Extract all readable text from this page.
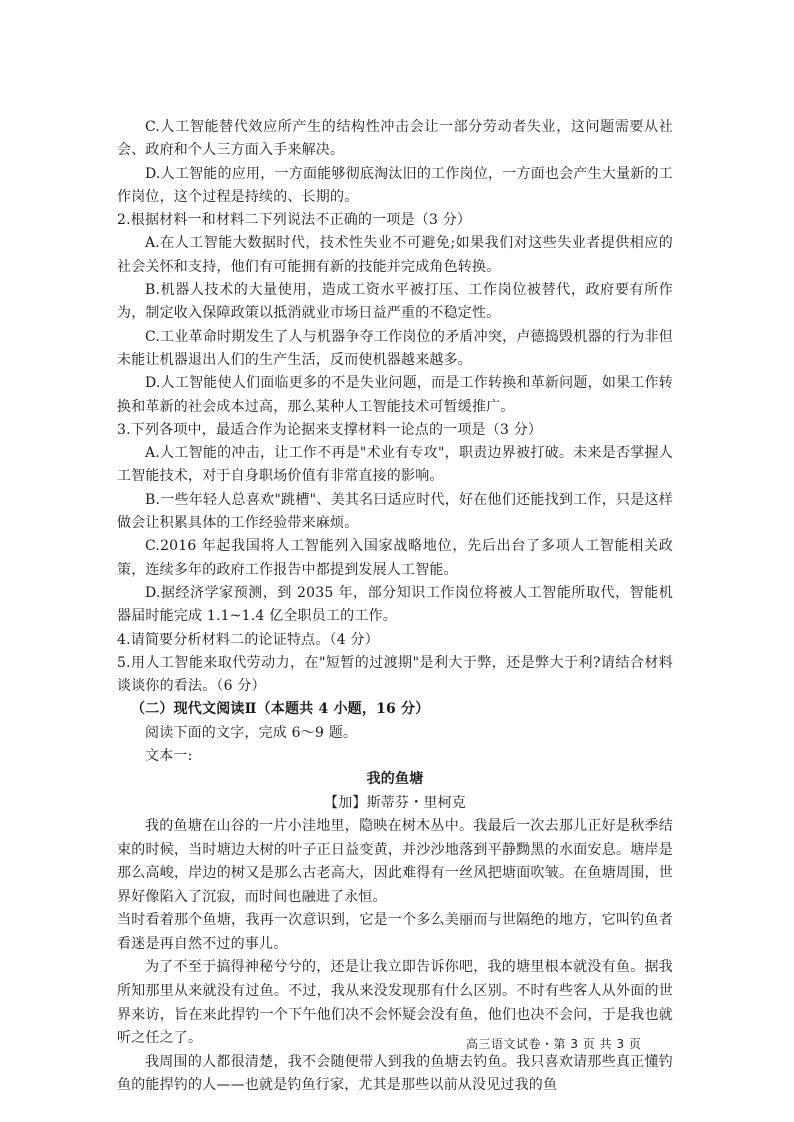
C.人工智能替代效应所产生的结构性冲击会让一部分劳动者失业，这问题需要从社会、政府和个人三方面入手来解决。

D.人工智能的应用，一方面能够彻底淘汰旧的工作岗位，一方面也会产生大量新的工作岗位，这个过程是持续的、长期的。

2.根据材料一和材料二下列说法不正确的一项是（3 分）

A.在人工智能大数据时代，技术性失业不可避免;如果我们对这些失业者提供相应的社会关怀和支持，他们有可能拥有新的技能并完成角色转换。

B.机器人技术的大量使用，造成工资水平被打压、工作岗位被替代，政府要有所作为，制定收入保障政策以抵消就业市场日益严重的不稳定性。

C.工业革命时期发生了人与机器争夺工作岗位的矛盾冲突，卢德捣毁机器的行为非但未能让机器退出人们的生产生活，反而使机器越来越多。

D.人工智能使人们面临更多的不是失业问题，而是工作转换和革新问题，如果工作转换和革新的社会成本过高，那么某种人工智能技术可暂缓推广。

3.下列各项中，最适合作为论据来支撑材料一论点的一项是（3 分）

A.人工智能的冲击，让工作不再是"术业有专攻"，职责边界被打破。未来是否掌握人工智能技术，对于自身职场价值有非常直接的影响。

B.一些年轻人总喜欢"跳槽"、美其名曰适应时代，好在他们还能找到工作，只是这样做会让积累具体的工作经验带来麻烦。

C.2016 年起我国将人工智能列入国家战略地位，先后出台了多项人工智能相关政策，连续多年的政府工作报告中都提到发展人工智能。

D.据经济学家预测，到 2035 年，部分知识工作岗位将被人工智能所取代，智能机器届时能完成 1.1~1.4 亿全职员工的工作。

4.请简要分析材料二的论证特点。（4 分）

5.用人工智能来取代劳动力，在"短暂的过渡期"是利大于弊，还是弊大于利?请结合材料谈谈你的看法。（6 分）

（二）现代文阅读Ⅱ（本题共 4 小题，16 分）

阅读下面的文字，完成 6～9 题。

文本一:

我的鱼塘

【加】斯蒂芬・里柯克

我的鱼塘在山谷的一片小洼地里，隐映在树木丛中。我最后一次去那儿正好是秋季结束的时候，当时塘边大树的叶子正日益变黄，并沙沙地落到平静黝黑的水面安息。塘岸是那么高峻，岸边的树又是那么古老高大，因此难得有一丝风把塘面吹皱。在鱼塘周围，世界好像陷入了沉寂，而时间也融进了永恒。

当时看着那个鱼塘，我再一次意识到，它是一个多么美丽而与世隔绝的地方，它叫钓鱼者看迷是再自然不过的事儿。

为了不至于搞得神秘兮兮的，还是让我立即告诉你吧，我的塘里根本就没有鱼。据我所知那里从来就没有过鱼。不过，我从来没发现那有什么区别。不时有些客人从外面的世界来访，旨在来此捍钓一个下午他们决不会怀疑会没有鱼，他们也决不会问，于是我也就听之任之了。

我周围的人都很清楚，我不会随便带人到我的鱼塘去钓鱼。我只喜欢请那些真正懂钓鱼的能捍钓的人——也就是钓鱼行家，尤其是那些以前从没见过我的鱼

高三语文试卷・第 3 页 共 3 页
